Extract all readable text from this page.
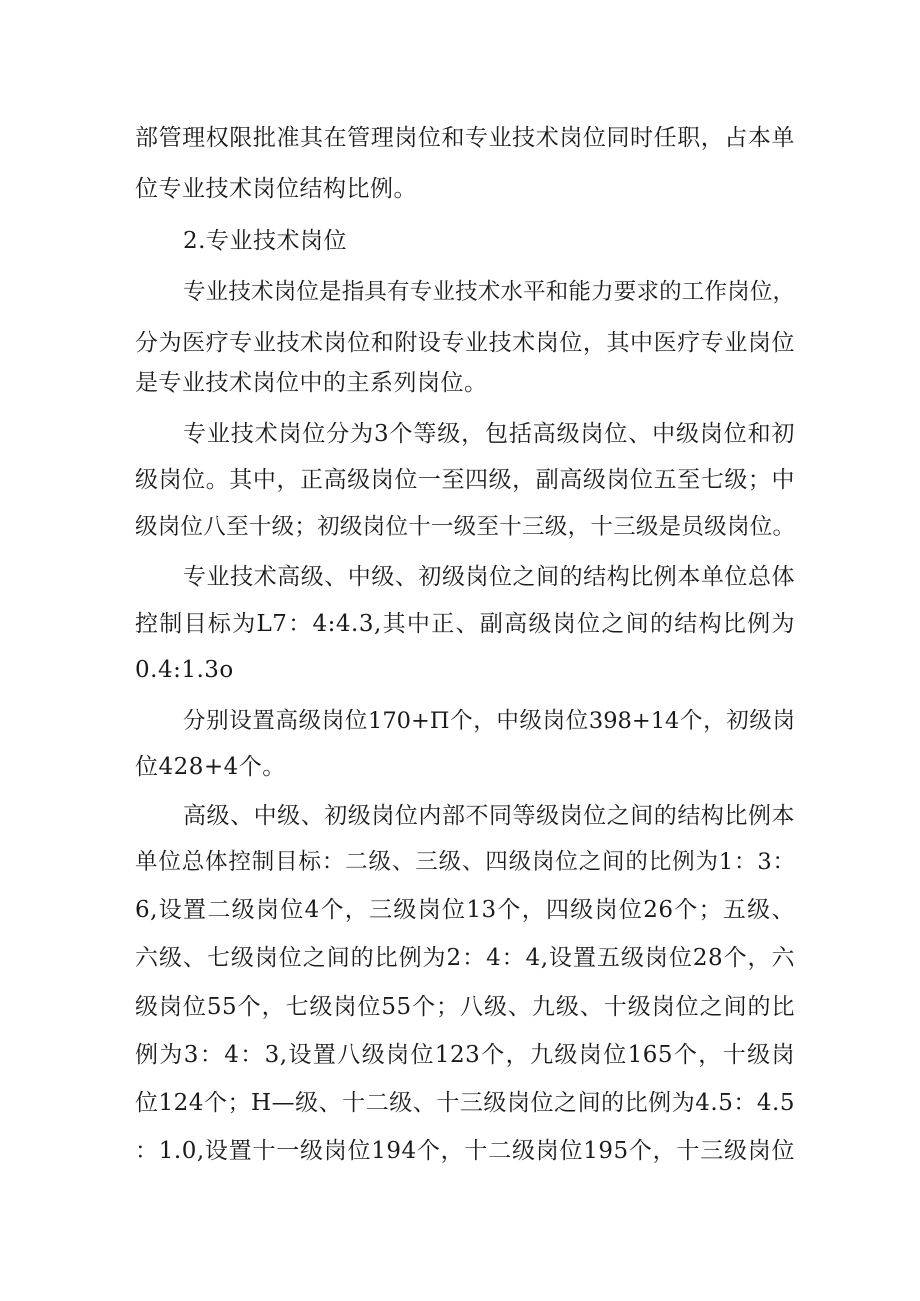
部管理权限批准其在管理岗位和专业技术岗位同时任职，占本单
位专业技术岗位结构比例。
2.专业技术岗位
专业技术岗位是指具有专业技术水平和能力要求的工作岗位，
分为医疗专业技术岗位和附设专业技术岗位，其中医疗专业岗位
是专业技术岗位中的主系列岗位。
专业技术岗位分为3个等级，包括高级岗位、中级岗位和初
级岗位。其中，正高级岗位一至四级，副高级岗位五至七级；中
级岗位八至十级；初级岗位十一级至十三级，十三级是员级岗位。
专业技术高级、中级、初级岗位之间的结构比例本单位总体
控制目标为L7：4:4.3,其中正、副高级岗位之间的结构比例为
0.4:1.3o
分别设置高级岗位170+Π个，中级岗位398+14个，初级岗
位428+4个。
高级、中级、初级岗位内部不同等级岗位之间的结构比例本
单位总体控制目标：二级、三级、四级岗位之间的比例为1：3：
6,设置二级岗位4个，三级岗位13个，四级岗位26个；五级、
六级、七级岗位之间的比例为2：4：4,设置五级岗位28个，六
级岗位55个，七级岗位55个；八级、九级、十级岗位之间的比
例为3：4：3,设置八级岗位123个，九级岗位165个，十级岗
位124个；H—级、十二级、十三级岗位之间的比例为4.5：4.5
：1.0,设置十一级岗位194个，十二级岗位195个，十三级岗位
